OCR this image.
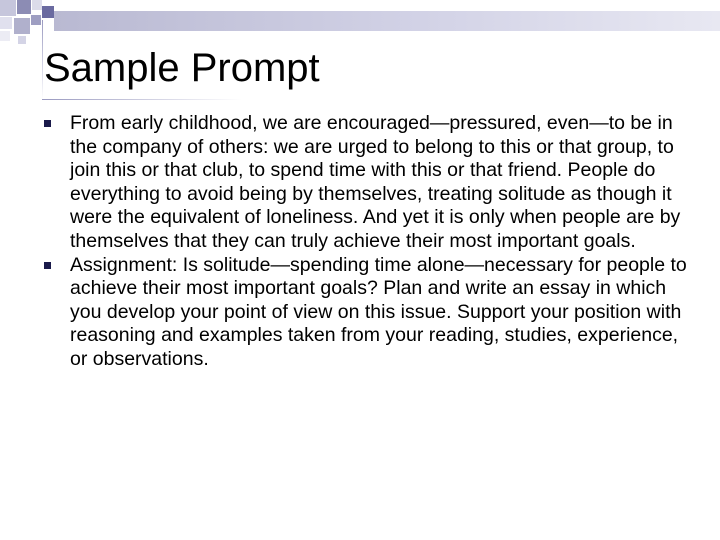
Sample Prompt
From early childhood, we are encouraged—pressured, even—to be in the company of others: we are urged to belong to this or that group, to join this or that club, to spend time with this or that friend. People do everything to avoid being by themselves, treating solitude as though it were the equivalent of loneliness. And yet it is only when people are by themselves that they can truly achieve their most important goals.
Assignment: Is solitude—spending time alone—necessary for people to achieve their most important goals? Plan and write an essay in which you develop your point of view on this issue. Support your position with reasoning and examples taken from your reading, studies, experience, or observations.
